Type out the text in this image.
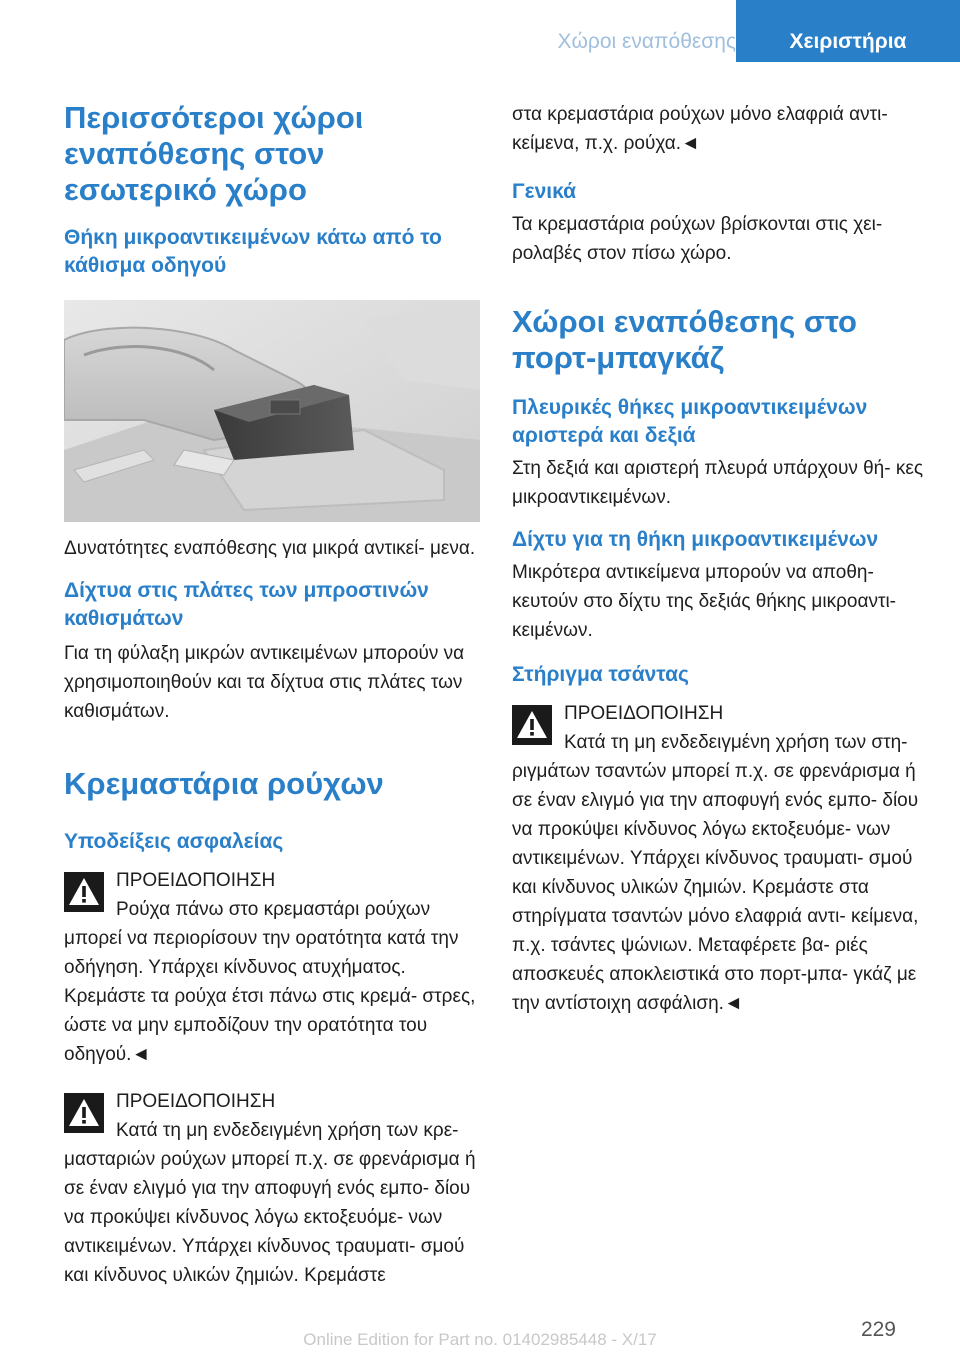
Χώροι εναπόθεσης	Χειριστήρια
Περισσότεροι χώροι εναπόθεσης στον εσωτερικό χώρο
Θήκη μικροαντικειμένων κάτω από το κάθισμα οδηγού

Δυνατότητες εναπόθεσης για μικρά αντικεί- μενα.

Δίχτυα στις πλάτες των μπροστινών καθισμάτων

Για τη φύλαξη μικρών αντικειμένων μπορούν να χρησιμοποιηθούν και τα δίχτυα στις πλάτες των καθισμάτων.

Κρεμαστάρια ρούχων
Υποδείξεις ασφαλείας

ΠΡΟΕΙΔΟΠΟΙΗΣΗ

Ρούχα πάνω στο κρεμαστάρι ρούχων μπορεί να περιορίσουν την ορατότητα κατά την οδήγηση. Υπάρχει κίνδυνος ατυχήματος. Κρεμάστε τα ρούχα έτσι πάνω στις κρεμά- στρες, ώστε να μην εμποδίζουν την ορατότητα του οδηγού.◄

ΠΡΟΕΙΔΟΠΟΙΗΣΗ

Κατά τη μη ενδεδειγμένη χρήση των κρε- μασταριών ρούχων μπορεί π.χ. σε φρενάρισμα ή σε έναν ελιγμό για την αποφυγή ενός εμπο- δίου να προκύψει κίνδυνος λόγω εκτοξευόμε- νων αντικειμένων. Υπάρχει κίνδυνος τραυματι- σμού και κίνδυνος υλικών ζημιών. Κρεμάστε

στα κρεμαστάρια ρούχων μόνο ελαφριά αντι- κείμενα, π.χ. ρούχα.◄

Γενικά

Τα κρεμαστάρια ρούχων βρίσκονται στις χει- ρολαβές στον πίσω χώρο.

Χώροι εναπόθεσης στο πορτ-μπαγκάζ
Πλευρικές θήκες μικροαντικειμένων αριστερά και δεξιά

Στη δεξιά και αριστερή πλευρά υπάρχουν θή- κες μικροαντικειμένων.

Δίχτυ για τη θήκη μικροαντικειμένων

Μικρότερα αντικείμενα μπορούν να αποθη- κευτούν στο δίχτυ της δεξιάς θήκης μικροαντι- κειμένων.

Στήριγμα τσάντας

ΠΡΟΕΙΔΟΠΟΙΗΣΗ

Κατά τη μη ενδεδειγμένη χρήση των στη- ριγμάτων τσαντών μπορεί π.χ. σε φρενάρισμα ή σε έναν ελιγμό για την αποφυγή ενός εμπο- δίου να προκύψει κίνδυνος λόγω εκτοξευόμε- νων αντικειμένων. Υπάρχει κίνδυνος τραυματι- σμού και κίνδυνος υλικών ζημιών. Κρεμάστε στα στηρίγματα τσαντών μόνο ελαφριά αντι- κείμενα, π.χ. τσάντες ψώνιων. Μεταφέρετε βα- ριές αποσκευές αποκλειστικά στο πορτ-μπα- γκάζ με την αντίστοιχη ασφάλιση.◄

229
Online Edition for Part no. 01402985448 - X/17
